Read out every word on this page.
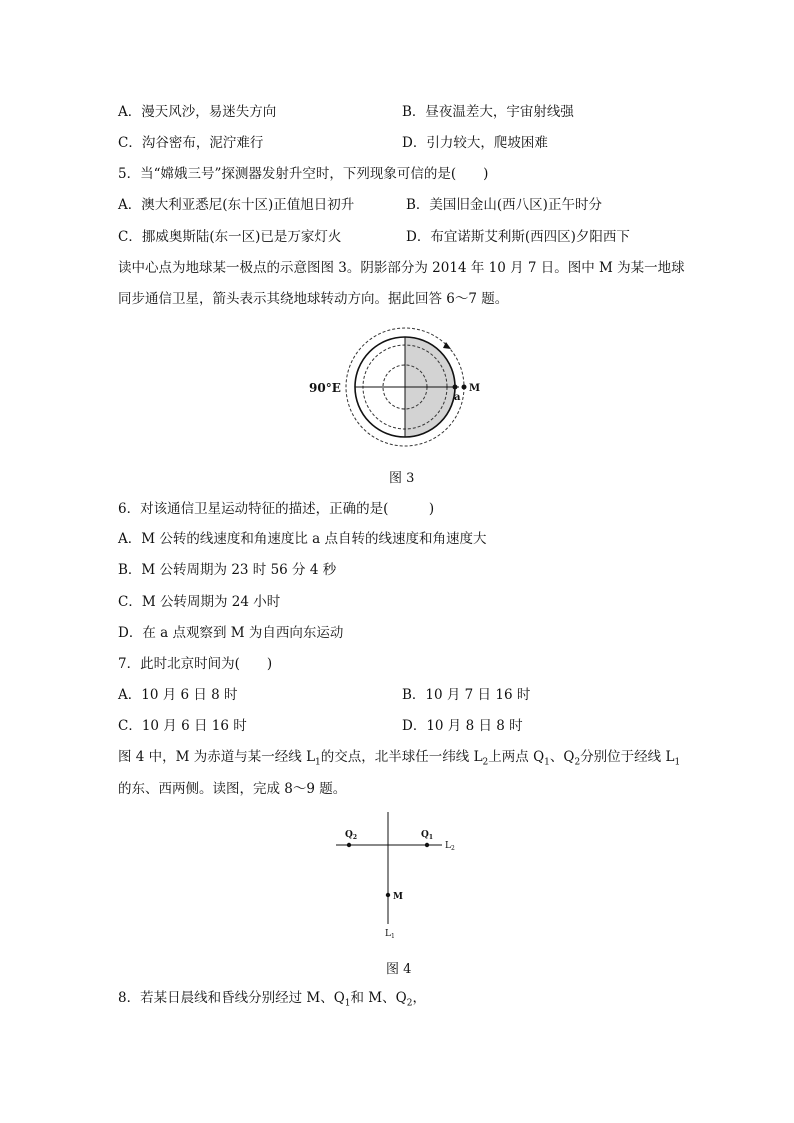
A．漫天风沙，易迷失方向	B．昼夜温差大，宇宙射线强
C．沟谷密布，泥泞难行	D．引力较大，爬坡困难
5．当“嫦娥三号”探测器发射升空时，下列现象可信的是(　　)
A．澳大利亚悉尼(东十区)正值旭日初升	B．美国旧金山(西八区)正午时分
C．挪威奥斯陆(东一区)已是万家灯火	D．布宜诺斯艾利斯(西四区)夕阳西下
读中心点为地球某一极点的示意图图 3。阴影部分为 2014 年 10 月 7 日。图中 M 为某一地球
同步通信卫星，箭头表示其绕地球转动方向。据此回答 6～7 题。
90°E
a
M
图 3
6．对该通信卫星运动特征的描述，正确的是(　　　)
A．M 公转的线速度和角速度比 a 点自转的线速度和角速度大
B．M 公转周期为 23 时 56 分 4 秒
C．M 公转周期为 24 小时
D．在 a 点观察到 M 为自西向东运动
7．此时北京时间为(　　)
A．10 月 6 日 8 时	B．10 月 7 日 16 时
C．10 月 6 日 16 时	D．10 月 8 日 8 时
图 4 中，M 为赤道与某一经线 $L_1$的交点，北半球任一纬线 $L_2$上两点 $Q_1$、$Q_2$分别位于经线 $L_1$
的东、西两侧。读图，完成 8～9 题。
$Q_2$	$Q_1$
$L_2$
M
$L_1$
图 4
8．若某日晨线和昏线分别经过 M、$Q_1$和 M、$Q_2$，
